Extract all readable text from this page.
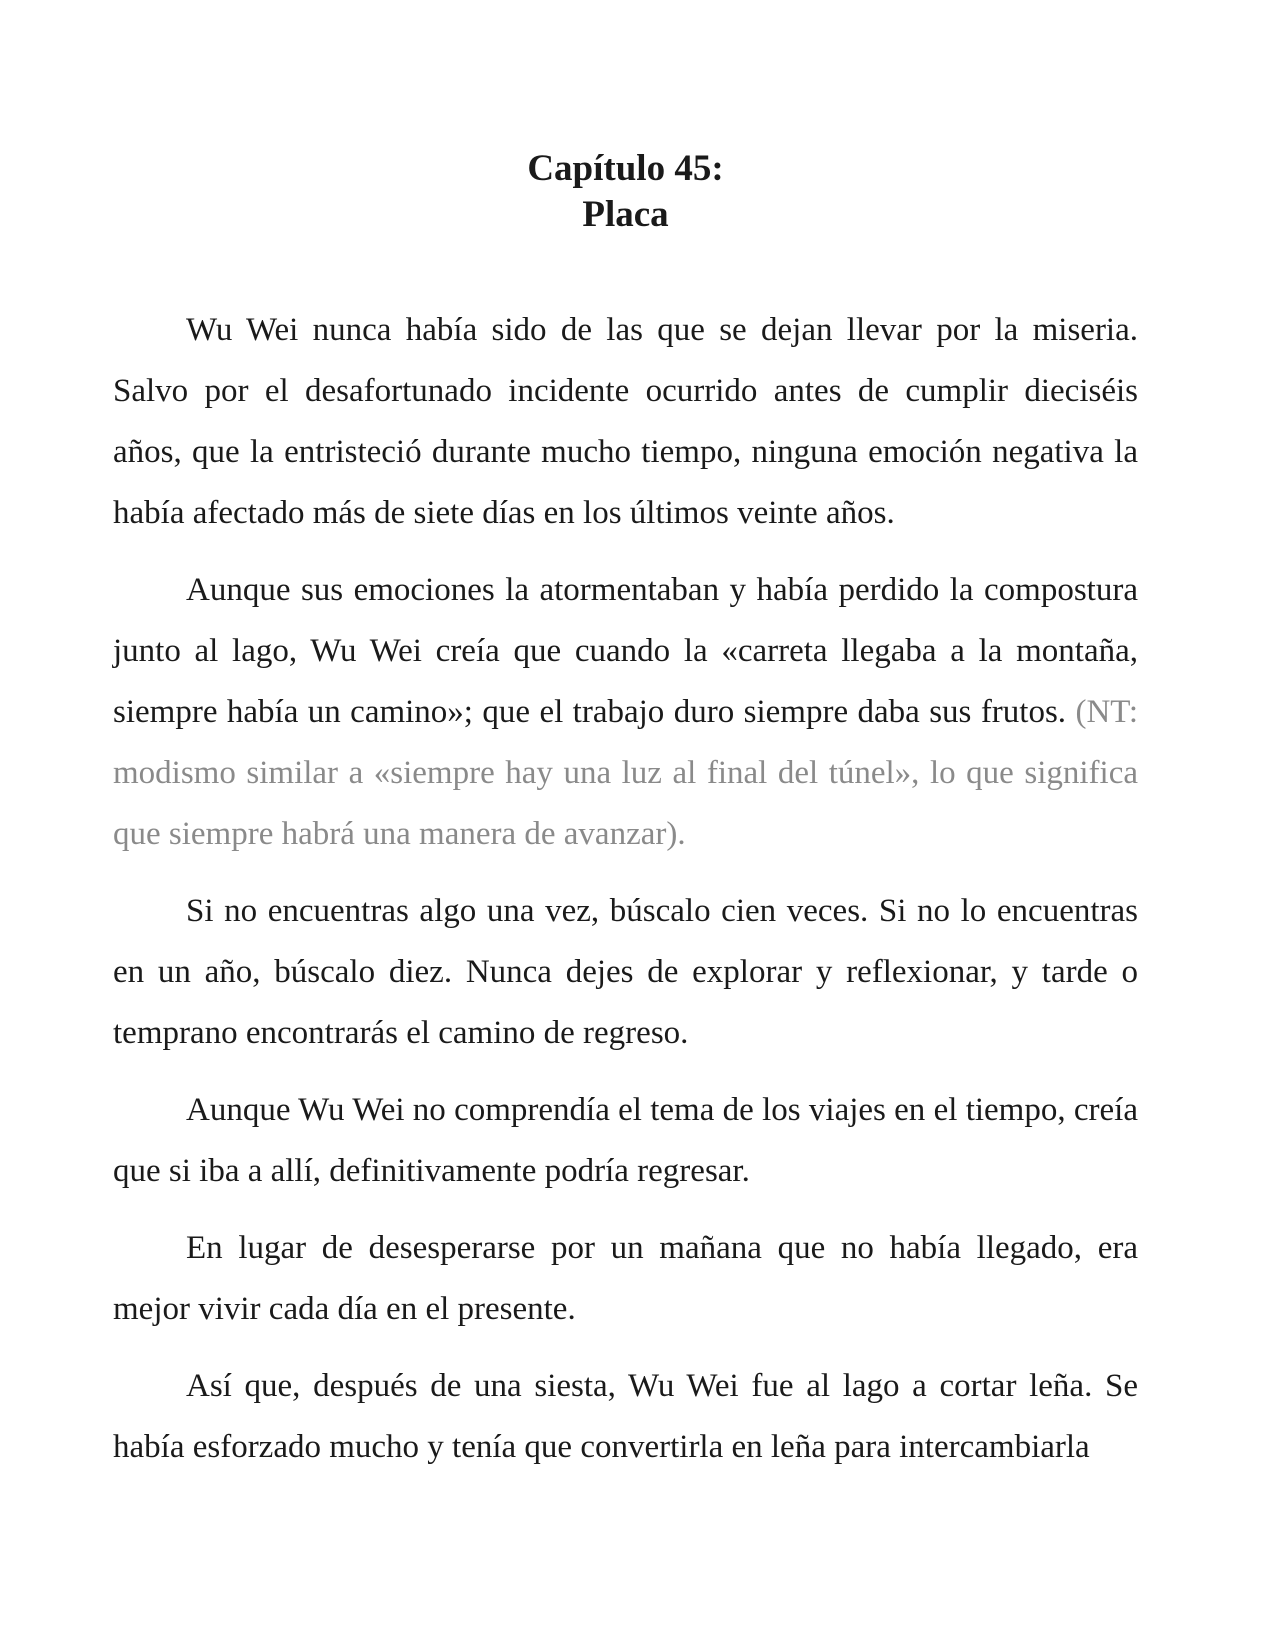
Capítulo 45:
Placa

Wu Wei nunca había sido de las que se dejan llevar por la miseria. Salvo por el desafortunado incidente ocurrido antes de cumplir dieciséis años, que la entristeció durante mucho tiempo, ninguna emoción negativa la había afectado más de siete días en los últimos veinte años.

Aunque sus emociones la atormentaban y había perdido la compostura junto al lago, Wu Wei creía que cuando la «carreta llegaba a la montaña, siempre había un camino»; que el trabajo duro siempre daba sus frutos. (NT: modismo similar a «siempre hay una luz al final del túnel», lo que significa que siempre habrá una manera de avanzar).

Si no encuentras algo una vez, búscalo cien veces. Si no lo encuentras en un año, búscalo diez. Nunca dejes de explorar y reflexionar, y tarde o temprano encontrarás el camino de regreso.

Aunque Wu Wei no comprendía el tema de los viajes en el tiempo, creía que si iba a allí, definitivamente podría regresar.

En lugar de desesperarse por un mañana que no había llegado, era mejor vivir cada día en el presente.

Así que, después de una siesta, Wu Wei fue al lago a cortar leña. Se había esforzado mucho y tenía que convertirla en leña para intercambiarla
